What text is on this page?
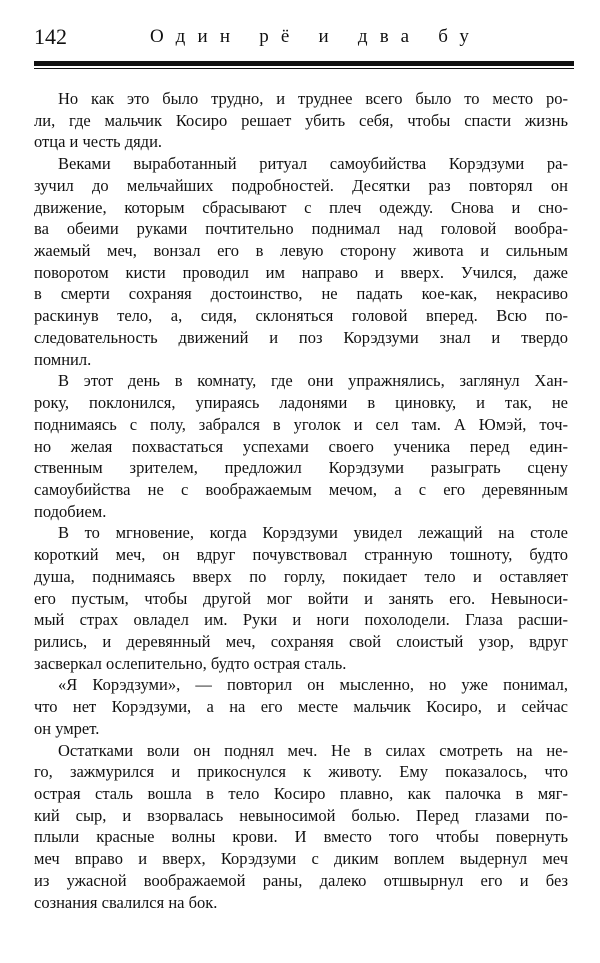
142	Один рё и два бу
Но как это было трудно, и труднее всего было то место ро-
ли, где мальчик Косиро решает убить себя, чтобы спасти жизнь
отца и честь дяди.
Веками выработанный ритуал самоубийства Корэдзуми ра-
зучил до мельчайших подробностей. Десятки раз повторял он
движение, которым сбрасывают с плеч одежду. Снова и сно-
ва обеими руками почтительно поднимал над головой вообра-
жаемый меч, вонзал его в левую сторону живота и сильным
поворотом кисти проводил им направо и вверх. Учился, даже
в смерти сохраняя достоинство, не падать кое-как, некрасиво
раскинув тело, а, сидя, склоняться головой вперед. Всю по-
следовательность движений и поз Корэдзуми знал и твердо
помнил.
В этот день в комнату, где они упражнялись, заглянул Хан-
року, поклонился, упираясь ладонями в циновку, и так, не
поднимаясь с полу, забрался в уголок и сел там. А Юмэй, точ-
но желая похвастаться успехами своего ученика перед един-
ственным зрителем, предложил Корэдзуми разыграть сцену
самоубийства не с воображаемым мечом, а с его деревянным
подобием.
В то мгновение, когда Корэдзуми увидел лежащий на столе
короткий меч, он вдруг почувствовал странную тошноту, будто
душа, поднимаясь вверх по горлу, покидает тело и оставляет
его пустым, чтобы другой мог войти и занять его. Невыноси-
мый страх овладел им. Руки и ноги похолодели. Глаза расши-
рились, и деревянный меч, сохраняя свой слоистый узор, вдруг
засверкал ослепительно, будто острая сталь.
«Я Корэдзуми», — повторил он мысленно, но уже понимал,
что нет Корэдзуми, а на его месте мальчик Косиро, и сейчас
он умрет.
Остатками воли он поднял меч. Не в силах смотреть на не-
го, зажмурился и прикоснулся к животу. Ему показалось, что
острая сталь вошла в тело Косиро плавно, как палочка в мяг-
кий сыр, и взорвалась невыносимой болью. Перед глазами по-
плыли красные волны крови. И вместо того чтобы повернуть
меч вправо и вверх, Корэдзуми с диким воплем выдернул меч
из ужасной воображаемой раны, далеко отшвырнул его и без
сознания свалился на бок.
